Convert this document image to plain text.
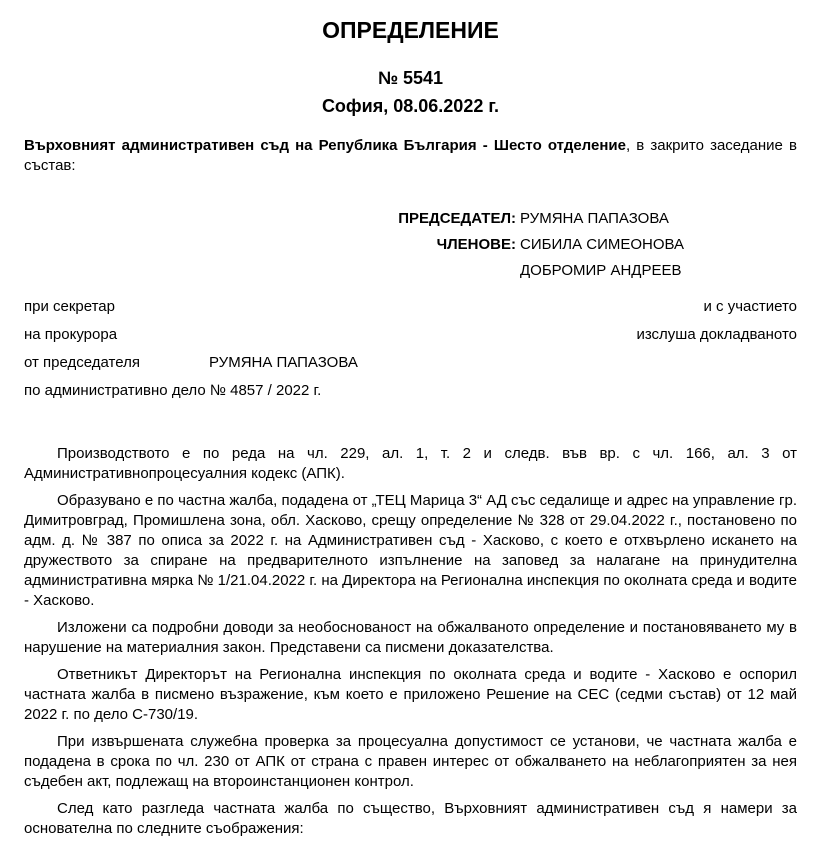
ОПРЕДЕЛЕНИЕ
№ 5541
София, 08.06.2022 г.

Върховният административен съд на Република България - Шесто отделение, в закрито заседание в състав:

ПРЕДСЕДАТЕЛ: РУМЯНА ПАПАЗОВА
ЧЛЕНОВЕ: СИБИЛА СИМЕОНОВА
ДОБРОМИР АНДРЕЕВ
при секретар	и с участието
на прокурора	изслуша докладваното
от председателя	РУМЯНА ПАПАЗОВА
по административно дело № 4857 / 2022 г.

Производството е по реда на чл. 229, ал. 1, т. 2 и следв. във вр. с чл. 166, ал. 3 от Административнопроцесуалния кодекс (АПК).

Образувано е по частна жалба, подадена от „ТЕЦ Марица 3“ АД със седалище и адрес на управление гр. Димитровград, Промишлена зона, обл. Хасково, срещу определение № 328 от 29.04.2022 г., постановено по адм. д. № 387 по описа за 2022 г. на Административен съд - Хасково, с което е отхвърлено искането на дружеството за спиране на предварителното изпълнение на заповед за налагане на принудителна административна мярка № 1/21.04.2022 г. на Директора на Регионална инспекция по околната среда и водите - Хасково.

Изложени са подробни доводи за необоснованост на обжалваното определение и постановяването му в нарушение на материалния закон. Представени са писмени доказателства.

Ответникът Директорът на Регионална инспекция по околната среда и водите - Хасково е оспорил частната жалба в писмено възражение, към което е приложено Решение на СЕС (седми състав) от 12 май 2022 г. по дело С-730/19.

При извършената служебна проверка за процесуална допустимост се установи, че частната жалба е подадена в срока по чл. 230 от АПК от страна с правен интерес от обжалването на неблагоприятен за нея съдебен акт, подлежащ на второинстанционен контрол.

След като разгледа частната жалба по същество, Върховният административен съд я намери за основателна по следните съображения:
